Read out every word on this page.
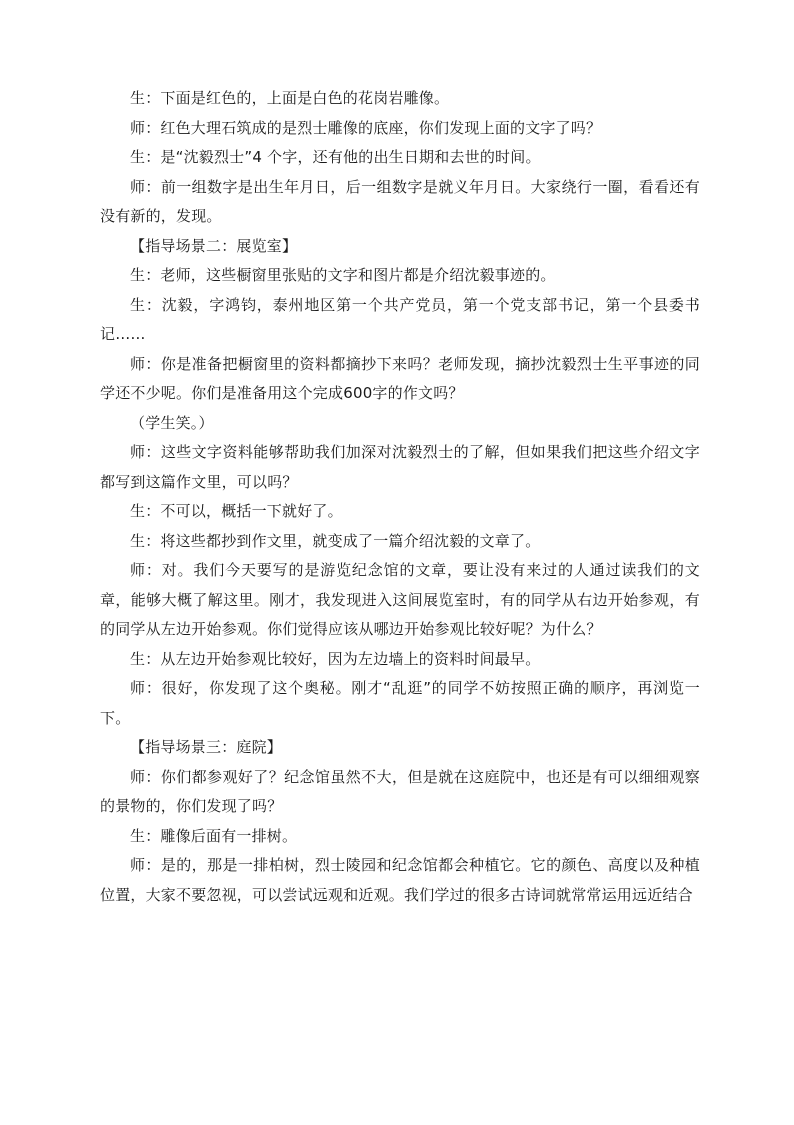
生：下面是红色的，上面是白色的花岗岩雕像。

师：红色大理石筑成的是烈士雕像的底座，你们发现上面的文字了吗？

生：是“沈毅烈士”4 个字，还有他的出生日期和去世的时间。

师：前一组数字是出生年月日，后一组数字是就义年月日。大家绕行一圈，看看还有没有新的，发现。

【指导场景二：展览室】

生：老师，这些橱窗里张贴的文字和图片都是介绍沈毅事迹的。

生：沈毅，字鸿钧，泰州地区第一个共产党员，第一个党支部书记，第一个县委书记……

师：你是准备把橱窗里的资料都摘抄下来吗？老师发现，摘抄沈毅烈士生平事迹的同学还不少呢。你们是准备用这个完成600字的作文吗？

（学生笑。）

师：这些文字资料能够帮助我们加深对沈毅烈士的了解，但如果我们把这些介绍文字都写到这篇作文里，可以吗？

生：不可以，概括一下就好了。

生：将这些都抄到作文里，就变成了一篇介绍沈毅的文章了。

师：对。我们今天要写的是游览纪念馆的文章，要让没有来过的人通过读我们的文章，能够大概了解这里。刚才，我发现进入这间展览室时，有的同学从右边开始参观，有的同学从左边开始参观。你们觉得应该从哪边开始参观比较好呢？为什么？

生：从左边开始参观比较好，因为左边墙上的资料时间最早。

师：很好，你发现了这个奥秘。刚才“乱逛”的同学不妨按照正确的顺序，再浏览一下。

【指导场景三：庭院】

师：你们都参观好了？纪念馆虽然不大，但是就在这庭院中，也还是有可以细细观察的景物的，你们发现了吗？

生：雕像后面有一排树。

师：是的，那是一排柏树，烈士陵园和纪念馆都会种植它。它的颜色、高度以及种植位置，大家不要忽视，可以尝试远观和近观。我们学过的很多古诗词就常常运用远近结合
